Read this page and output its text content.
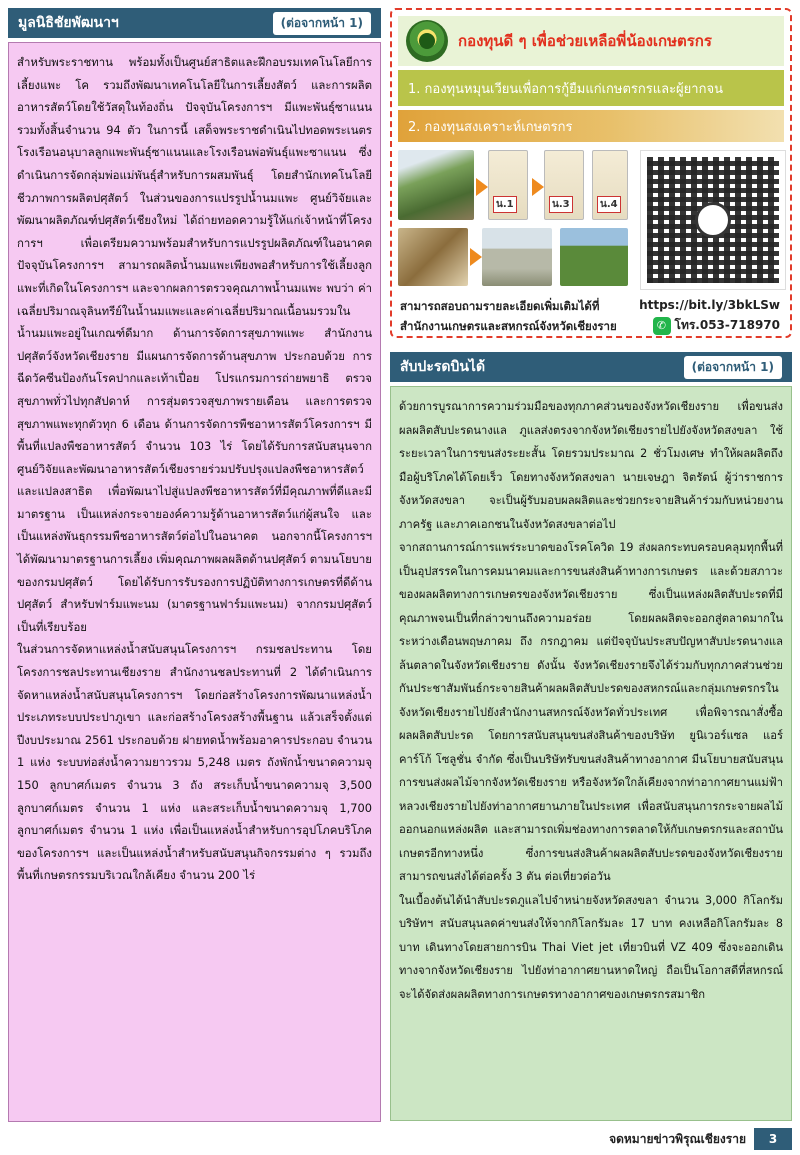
มูลนิธิชัยพัฒนาฯ	(ต่อจากหน้า 1)

สำหรับพระราชทาน พร้อมทั้งเป็นศูนย์สาธิตและฝึกอบรมเทคโนโลยีการเลี้ยงแพะ โค รวมถึงพัฒนาเทคโนโลยีในการเลี้ยงสัตว์ และการผลิตอาหารสัตว์โดยใช้วัสดุในท้องถิ่น ปัจจุบันโครงการฯ มีแพะพันธุ์ซาแนน รวมทั้งสิ้นจำนวน 94 ตัว ในการนี้ เสด็จพระราชดำเนินไปทอดพระเนตรโรงเรือนอนุบาลลูกแพะพันธุ์ซาแนนและโรงเรือนพ่อพันธุ์แพะซาแนน ซึ่งดำเนินการจัดกลุ่มพ่อแม่พันธุ์สำหรับการผสมพันธุ์ โดยสำนักเทคโนโลยีชีวภาพการผลิตปศุสัตว์ ในส่วนของการแปรรูปน้ำนมแพะ ศูนย์วิจัยและพัฒนาผลิตภัณฑ์ปศุสัตว์เชียงใหม่ ได้ถ่ายทอดความรู้ให้แก่เจ้าหน้าที่โครงการฯ เพื่อเตรียมความพร้อมสำหรับการแปรรูปผลิตภัณฑ์ในอนาคต ปัจจุบันโครงการฯ สามารถผลิตน้ำนมแพะเพียงพอสำหรับการใช้เลี้ยงลูกแพะที่เกิดในโครงการฯ และจากผลการตรวจคุณภาพน้ำนมแพะ พบว่า ค่าเฉลี่ยปริมาณจุลินทรีย์ในน้ำนมแพะและค่าเฉลี่ยปริมาณเนื้อนมรวมในน้ำนมแพะอยู่ในเกณฑ์ดีมาก ด้านการจัดการสุขภาพแพะ สำนักงานปศุสัตว์จังหวัดเชียงราย มีแผนการจัดการด้านสุขภาพ ประกอบด้วย การฉีดวัคซีนป้องกันโรคปากและเท้าเปื่อย โปรแกรมการถ่ายพยาธิ ตรวจสุขภาพทั่วไปทุกสัปดาห์ การสุ่มตรวจสุขภาพรายเดือน และการตรวจสุขภาพแพะทุกตัวทุก 6 เดือน ด้านการจัดการพืชอาหารสัตว์โครงการฯ มีพื้นที่แปลงพืชอาหารสัตว์ จำนวน 103 ไร่ โดยได้รับการสนับสนุนจากศูนย์วิจัยและพัฒนาอาหารสัตว์เชียงรายร่วมปรับปรุงแปลงพืชอาหารสัตว์และแปลงสาธิต เพื่อพัฒนาไปสู่แปลงพืชอาหารสัตว์ที่มีคุณภาพที่ดีและมีมาตรฐาน เป็นแหล่งกระจายองค์ความรู้ด้านอาหารสัตว์แก่ผู้สนใจ และเป็นแหล่งพันธุกรรมพืชอาหารสัตว์ต่อไปในอนาคต นอกจากนี้โครงการฯ ได้พัฒนามาตรฐานการเลี้ยง เพิ่มคุณภาพผลผลิตด้านปศุสัตว์ ตามนโยบายของกรมปศุสัตว์ โดยได้รับการรับรองการปฏิบัติทางการเกษตรที่ดีด้านปศุสัตว์ สำหรับฟาร์มแพะนม (มาตรฐานฟาร์มแพะนม) จากกรมปศุสัตว์เป็นที่เรียบร้อย
ในส่วนการจัดหาแหล่งน้ำสนับสนุนโครงการฯ กรมชลประทาน โดย โครงการชลประทานเชียงราย สำนักงานชลประทานที่ 2 ได้ดำเนินการจัดหาแหล่งน้ำสนับสนุนโครงการฯ โดยก่อสร้างโครงการพัฒนาแหล่งน้ำประเภทระบบประปาภูเขา และก่อสร้างโครงสร้างพื้นฐาน แล้วเสร็จตั้งแต่ปีงบประมาณ 2561 ประกอบด้วย ฝายทดน้ำพร้อมอาคารประกอบ จำนวน 1 แห่ง ระบบท่อส่งน้ำความยาวรวม 5,248 เมตร ถังพักน้ำขนาดความจุ 150 ลูกบาศก์เมตร จำนวน 3 ถัง สระเก็บน้ำขนาดความจุ 3,500 ลูกบาศก์เมตร จำนวน 1 แห่ง และสระเก็บน้ำขนาดความจุ 1,700 ลูกบาศก์เมตร จำนวน 1 แห่ง เพื่อเป็นแหล่งน้ำสำหรับการอุปโภคบริโภคของโครงการฯ และเป็นแหล่งน้ำสำหรับสนับสนุนกิจกรรมต่าง ๆ รวมถึงพื้นที่เกษตรกรรมบริเวณใกล้เคียง จำนวน 200 ไร่

กองทุนดี ๆ เพื่อช่วยเหลือพี่น้องเกษตรกร
1. กองทุนหมุนเวียนเพื่อการกู้ยืมแก่เกษตรกรและผู้ยากจน
2. กองทุนสงเคราะห์เกษตรกร
น.1	น.3	น.4
สามารถสอบถามรายละเอียดเพิ่มเติมได้ที่
สำนักงานเกษตรและสหกรณ์จังหวัดเชียงราย
https://bit.ly/3bkLSw
✆ โทร.053-718970
สับปะรดบินได้	(ต่อจากหน้า 1)

ด้วยการบูรณาการความร่วมมือของทุกภาคส่วนของจังหวัดเชียงราย เพื่อขนส่งผลผลิตสับปะรดนางแล ภูแลส่งตรงจากจังหวัดเชียงรายไปยังจังหวัดสงขลา ใช้ระยะเวลาในการขนส่งระยะสั้น โดยรวมประมาณ 2 ชั่วโมงเศษ ทำให้ผลผลิตถึงมือผู้บริโภคได้โดยเร็ว โดยทางจังหวัดสงขลา นายเจษฎา จิตรัตน์ ผู้ว่าราชการจังหวัดสงขลา จะเป็นผู้รับมอบผลผลิตและช่วยกระจายสินค้าร่วมกับหน่วยงานภาครัฐ และภาคเอกชนในจังหวัดสงขลาต่อไป
จากสถานการณ์การแพร่ระบาดของโรคโควิด 19 ส่งผลกระทบครอบคลุมทุกพื้นที่ เป็นอุปสรรคในการคมนาคมและการขนส่งสินค้าทางการเกษตร และด้วยสภาวะของผลผลิตทางการเกษตรของจังหวัดเชียงราย ซึ่งเป็นแหล่งผลิตสับปะรดที่มีคุณภาพจนเป็นที่กล่าวขานถึงความอร่อย โดยผลผลิตจะออกสู่ตลาดมากในระหว่างเดือนพฤษภาคม ถึง กรกฎาคม แต่ปัจจุบันประสบปัญหาสับปะรดนางแลล้นตลาดในจังหวัดเชียงราย ดังนั้น จังหวัดเชียงรายจึงได้ร่วมกับทุกภาคส่วนช่วยกันประชาสัมพันธ์กระจายสินค้าผลผลิตสับปะรดของสหกรณ์และกลุ่มเกษตรกรในจังหวัดเชียงรายไปยังสำนักงานสหกรณ์จังหวัดทั่วประเทศ เพื่อพิจารณาสั่งซื้อผลผลิตสับปะรด โดยการสนับสนุนขนส่งสินค้าของบริษัท ยูนิเวอร์แซล แอร์ คาร์โก้ โซลูชั่น จำกัด ซึ่งเป็นบริษัทรับขนส่งสินค้าทางอากาศ มีนโยบายสนับสนุนการขนส่งผลไม้จากจังหวัดเชียงราย หรือจังหวัดใกล้เคียงจากท่าอากาศยานแม่ฟ้าหลวงเชียงรายไปยังท่าอากาศยานภายในประเทศ เพื่อสนับสนุนการกระจายผลไม้ออกนอกแหล่งผลิต และสามารถเพิ่มช่องทางการตลาดให้กับเกษตรกรและสถาบันเกษตรอีกทางหนึ่ง ซึ่งการขนส่งสินค้าผลผลิตสับปะรดของจังหวัดเชียงราย สามารถขนส่งได้ต่อครั้ง 3 ตัน ต่อเที่ยวต่อวัน
ในเบื้องต้นได้นำสับปะรดภูแลไปจำหน่ายจังหวัดสงขลา จำนวน 3,000 กิโลกรัม บริษัทฯ สนับสนุนลดค่าขนส่งให้จากกิโลกรัมละ 17 บาท คงเหลือกิโลกรัมละ 8 บาท เดินทางโดยสายการบิน Thai Viet jet เที่ยวบินที่ VZ 409 ซึ่งจะออกเดินทางจากจังหวัดเชียงราย ไปยังท่าอากาศยานหาดใหญ่ ถือเป็นโอกาสดีที่สหกรณ์จะได้จัดส่งผลผลิตทางการเกษตรทางอากาศของเกษตรกรสมาชิก

จดหมายข่าวพิรุณเชียงราย	3
